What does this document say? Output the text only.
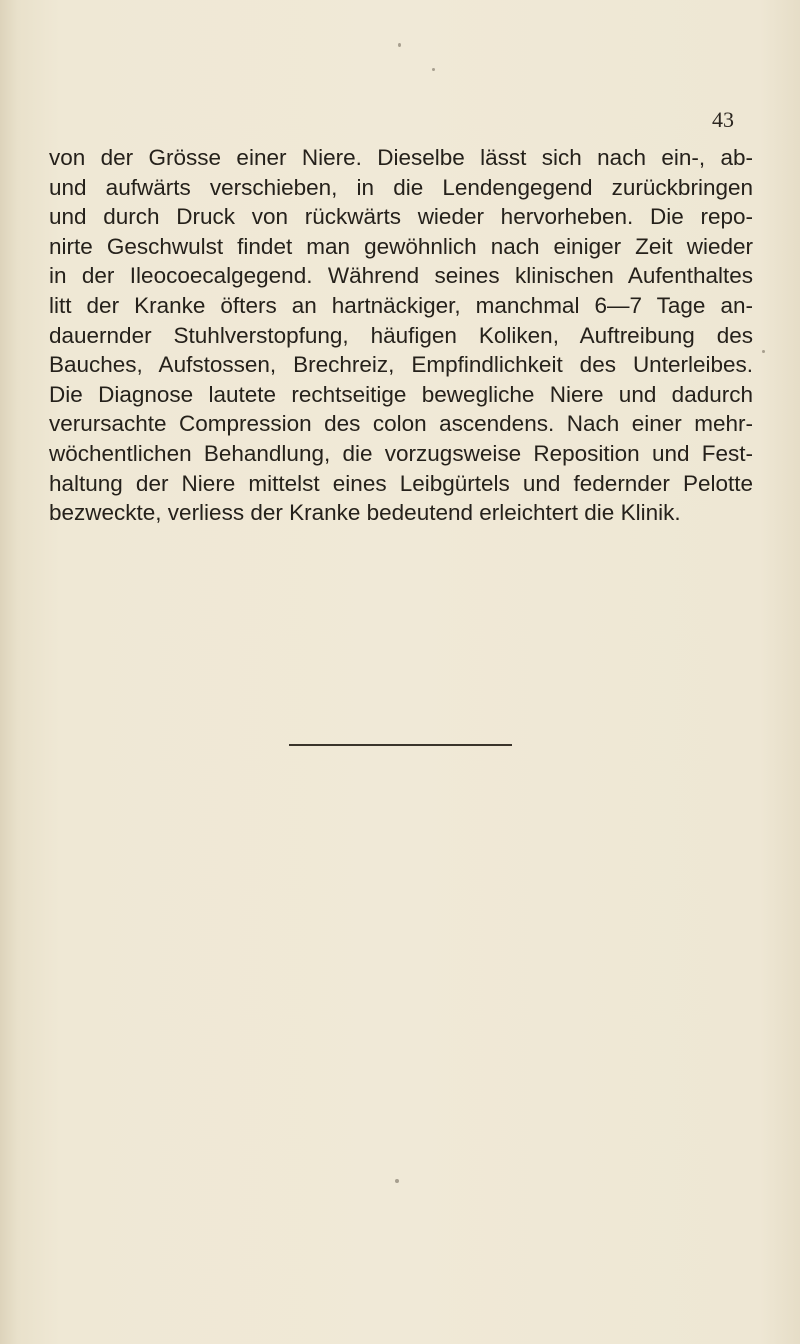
43
von der Grösse einer Niere. Dieselbe lässt sich nach ein-, ab-
und aufwärts verschieben, in die Lendengegend zurückbringen
und durch Druck von rückwärts wieder hervorheben. Die repo-
nirte Geschwulst findet man gewöhnlich nach einiger Zeit wieder
in der Ileocoecalgegend. Während seines klinischen Aufenthaltes
litt der Kranke öfters an hartnäckiger, manchmal 6—7 Tage an-
dauernder Stuhlverstopfung, häufigen Koliken, Auftreibung des
Bauches, Aufstossen, Brechreiz, Empfindlichkeit des Unterleibes.
Die Diagnose lautete rechtseitige bewegliche Niere und dadurch
verursachte Compression des colon ascendens. Nach einer mehr-
wöchentlichen Behandlung, die vorzugsweise Reposition und Fest-
haltung der Niere mittelst eines Leibgürtels und federnder Pelotte
bezweckte, verliess der Kranke bedeutend erleichtert die Klinik.
